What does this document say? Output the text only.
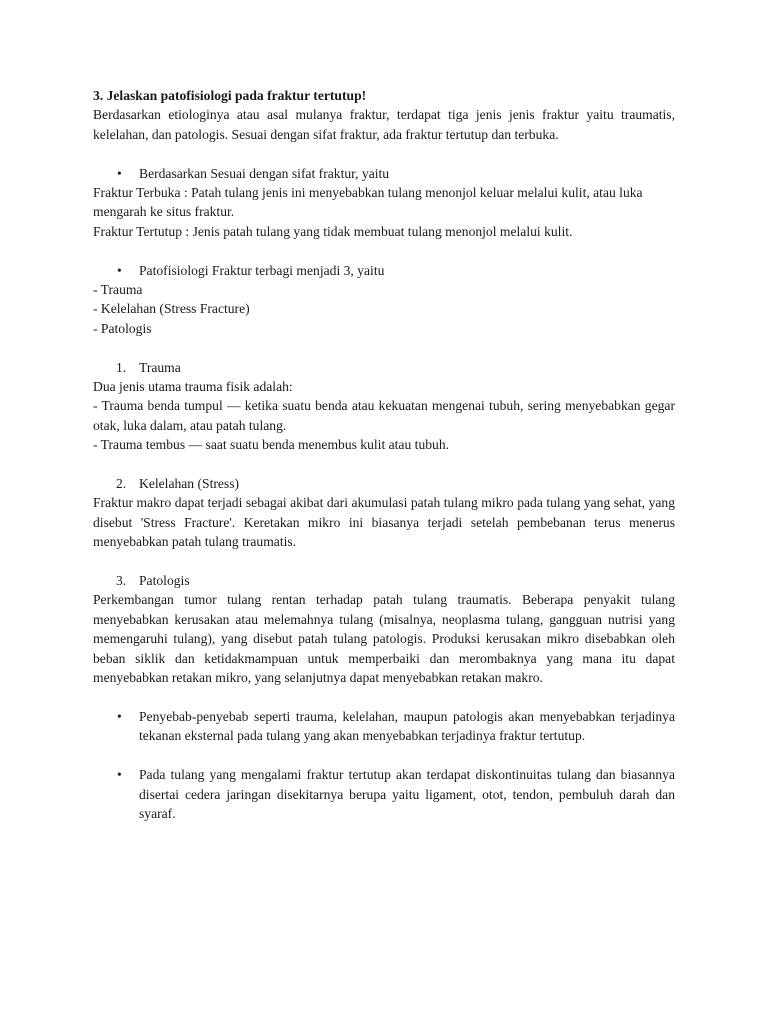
3. Jelaskan patofisiologi pada fraktur tertutup!

Berdasarkan etiologinya atau asal mulanya fraktur, terdapat tiga jenis jenis fraktur yaitu traumatis, kelelahan, dan patologis. Sesuai dengan sifat fraktur, ada fraktur tertutup dan terbuka.

• Berdasarkan Sesuai dengan sifat fraktur, yaitu

Fraktur Terbuka : Patah tulang jenis ini menyebabkan tulang menonjol keluar melalui kulit, atau luka mengarah ke situs fraktur.

Fraktur Tertutup : Jenis patah tulang yang tidak membuat tulang menonjol melalui kulit.

• Patofisiologi Fraktur terbagi menjadi 3, yaitu

- Trauma

- Kelelahan (Stress Fracture)

- Patologis

1. Trauma

Dua jenis utama trauma fisik adalah:

- Trauma benda tumpul — ketika suatu benda atau kekuatan mengenai tubuh, sering menyebabkan gegar otak, luka dalam, atau patah tulang.

- Trauma tembus — saat suatu benda menembus kulit atau tubuh.

2. Kelelahan (Stress)

Fraktur makro dapat terjadi sebagai akibat dari akumulasi patah tulang mikro pada tulang yang sehat, yang disebut 'Stress Fracture'. Keretakan mikro ini biasanya terjadi setelah pembebanan terus menerus menyebabkan patah tulang traumatis.

3. Patologis

Perkembangan tumor tulang rentan terhadap patah tulang traumatis. Beberapa penyakit tulang menyebabkan kerusakan atau melemahnya tulang (misalnya, neoplasma tulang, gangguan nutrisi yang memengaruhi tulang), yang disebut patah tulang patologis. Produksi kerusakan mikro disebabkan oleh beban siklik dan ketidakmampuan untuk memperbaiki dan merombaknya yang mana itu dapat menyebabkan retakan mikro, yang selanjutnya dapat menyebabkan retakan makro.

• Penyebab-penyebab seperti trauma, kelelahan, maupun patologis akan menyebabkan terjadinya tekanan eksternal pada tulang yang akan menyebabkan terjadinya fraktur tertutup.

• Pada tulang yang mengalami fraktur tertutup akan terdapat diskontinuitas tulang dan biasannya disertai cedera jaringan disekitarnya berupa yaitu ligament, otot, tendon, pembuluh darah dan syaraf.
